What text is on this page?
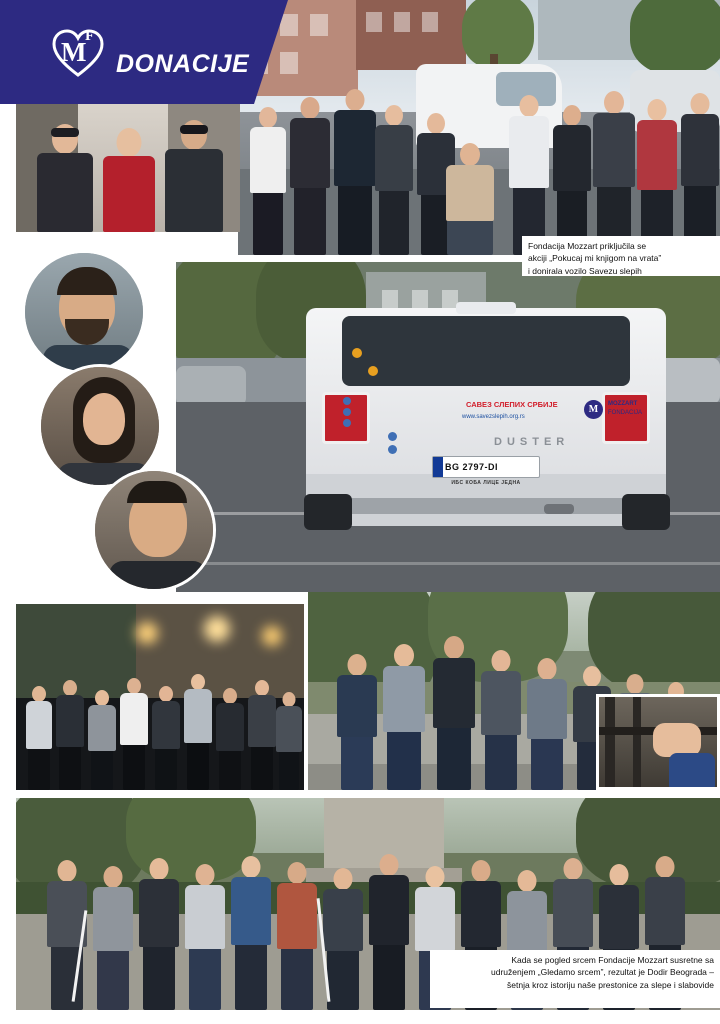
M
F
DONACIJE
Fondacija Mozzart priključila se
akciji „Pokucaj mi knjigom na vrata”
i donirala vozilo Savezu slepih
САВЕЗ СЛЕПИХ СРБИЈЕ
www.savezslepih.org.rs
M MOZZART
FONDACIJA
DUSTER
BG 2797-DI
ИБС КОБА ЛИЦЕ ЈЕДНА
Kada se pogled srcem Fondacije Mozzart susretne sa
udruženjem „Gledamo srcem”, rezultat je Dodir Beograda –
šetnja kroz istoriju naše prestonice za slepe i slabovide
